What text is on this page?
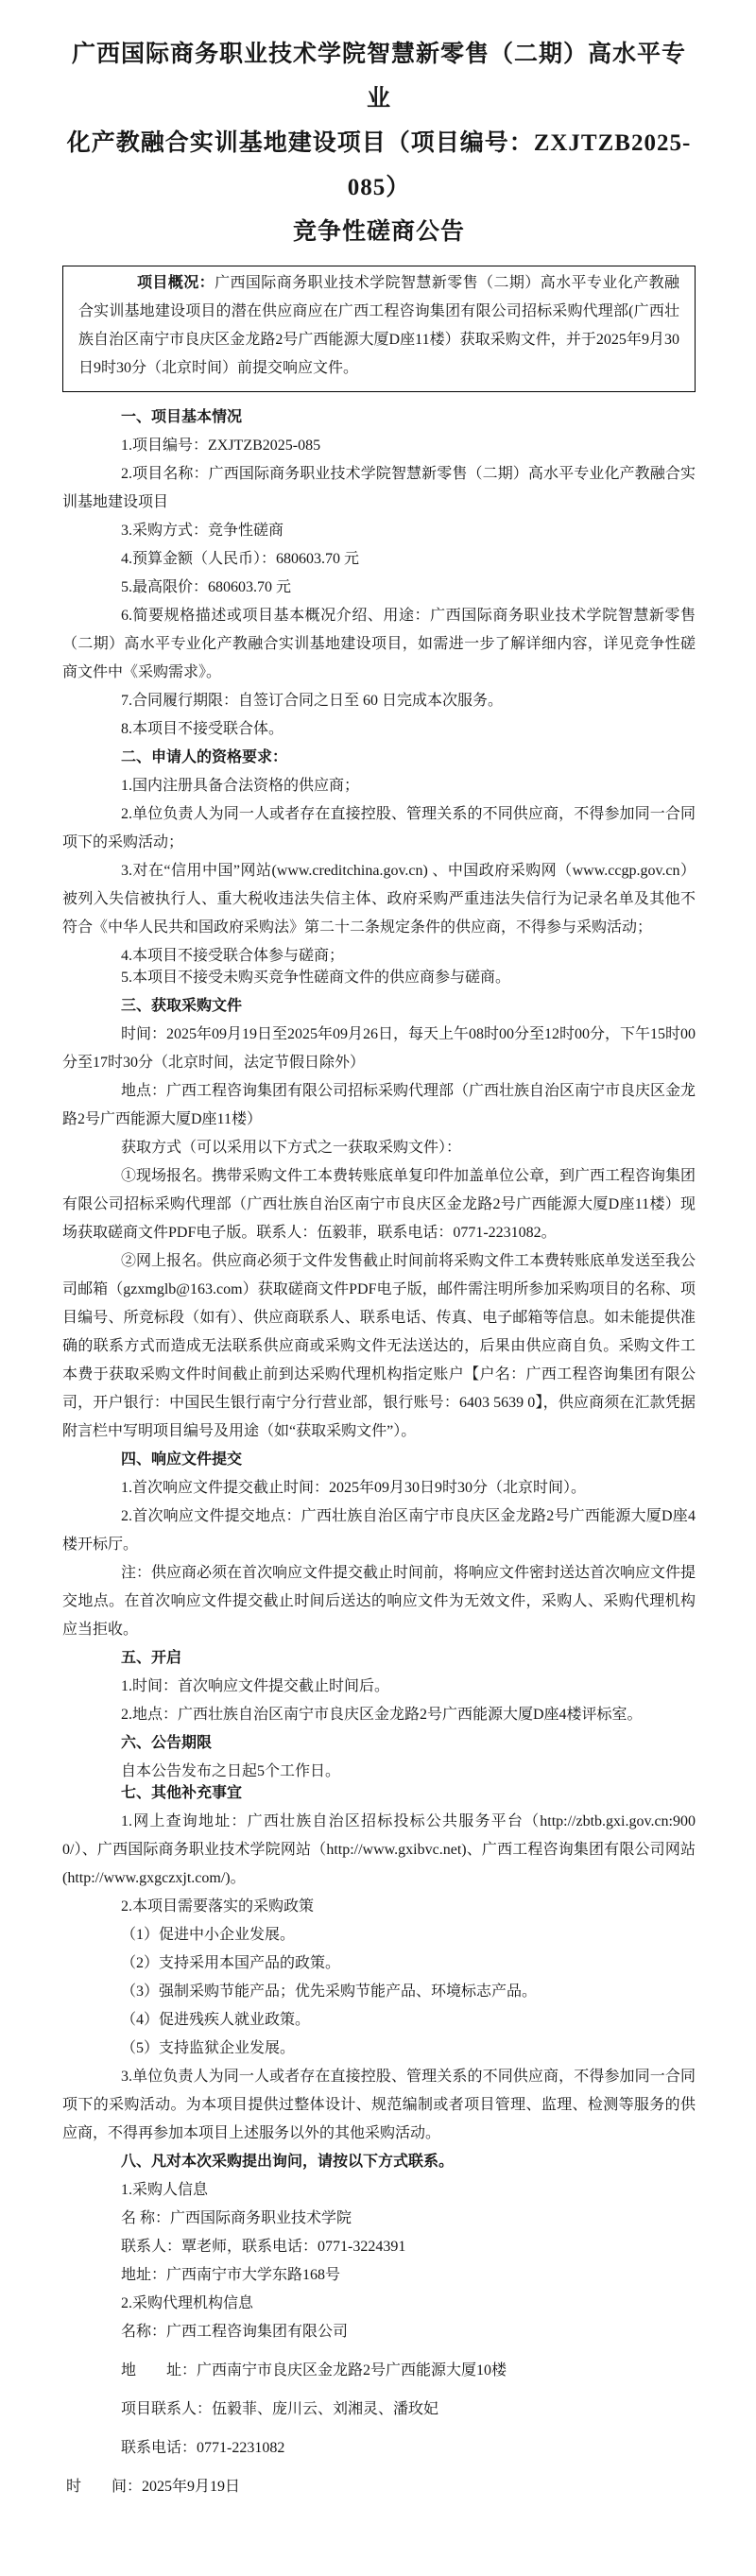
广西国际商务职业技术学院智慧新零售（二期）高水平专业
化产教融合实训基地建设项目（项目编号：ZXJTZB2025-085）
竞争性磋商公告

项目概况：广西国际商务职业技术学院智慧新零售（二期）高水平专业化产教融合实训基地建设项目的潜在供应商应在广西工程咨询集团有限公司招标采购代理部(广西壮族自治区南宁市良庆区金龙路2号广西能源大厦D座11楼）获取采购文件，并于2025年9月30日9时30分（北京时间）前提交响应文件。

一、项目基本情况

1.项目编号：ZXJTZB2025-085

2.项目名称：广西国际商务职业技术学院智慧新零售（二期）高水平专业化产教融合实训基地建设项目

3.采购方式：竞争性磋商

4.预算金额（人民币）：680603.70 元

5.最高限价：680603.70 元

6.简要规格描述或项目基本概况介绍、用途：广西国际商务职业技术学院智慧新零售（二期）高水平专业化产教融合实训基地建设项目，如需进一步了解详细内容，详见竞争性磋商文件中《采购需求》。

7.合同履行期限：自签订合同之日至 60 日完成本次服务。

8.本项目不接受联合体。

二、申请人的资格要求：

1.国内注册具备合法资格的供应商；

2.单位负责人为同一人或者存在直接控股、管理关系的不同供应商，不得参加同一合同项下的采购活动；

3.对在“信用中国”网站(www.creditchina.gov.cn) 、中国政府采购网（www.ccgp.gov.cn）被列入失信被执行人、重大税收违法失信主体、政府采购严重违法失信行为记录名单及其他不符合《中华人民共和国政府采购法》第二十二条规定条件的供应商，不得参与采购活动；

4.本项目不接受联合体参与磋商；

5.本项目不接受未购买竞争性磋商文件的供应商参与磋商。

三、获取采购文件

时间：2025年09月19日至2025年09月26日，每天上午08时00分至12时00分，下午15时00分至17时30分（北京时间，法定节假日除外）

地点：广西工程咨询集团有限公司招标采购代理部（广西壮族自治区南宁市良庆区金龙路2号广西能源大厦D座11楼）

获取方式（可以采用以下方式之一获取采购文件）：

①现场报名。携带采购文件工本费转账底单复印件加盖单位公章，到广西工程咨询集团有限公司招标采购代理部（广西壮族自治区南宁市良庆区金龙路2号广西能源大厦D座11楼）现场获取磋商文件PDF电子版。联系人：伍毅菲，联系电话：0771-2231082。

②网上报名。供应商必须于文件发售截止时间前将采购文件工本费转账底单发送至我公司邮箱（gzxmglb@163.com）获取磋商文件PDF电子版，邮件需注明所参加采购项目的名称、项目编号、所竞标段（如有）、供应商联系人、联系电话、传真、电子邮箱等信息。如未能提供准确的联系方式而造成无法联系供应商或采购文件无法送达的，后果由供应商自负。采购文件工本费于获取采购文件时间截止前到达采购代理机构指定账户【户名：广西工程咨询集团有限公司，开户银行：中国民生银行南宁分行营业部，银行账号：6403 5639 0】，供应商须在汇款凭据附言栏中写明项目编号及用途（如“获取采购文件”）。

四、响应文件提交

1.首次响应文件提交截止时间：2025年09月30日9时30分（北京时间）。

2.首次响应文件提交地点：广西壮族自治区南宁市良庆区金龙路2号广西能源大厦D座4楼开标厅。

注：供应商必须在首次响应文件提交截止时间前，将响应文件密封送达首次响应文件提交地点。在首次响应文件提交截止时间后送达的响应文件为无效文件，采购人、采购代理机构应当拒收。

五、开启

1.时间：首次响应文件提交截止时间后。

2.地点：广西壮族自治区南宁市良庆区金龙路2号广西能源大厦D座4楼评标室。

六、公告期限

自本公告发布之日起5个工作日。

七、其他补充事宜

1.网上查询地址：广西壮族自治区招标投标公共服务平台（http://zbtb.gxi.gov.cn:9000/）、广西国际商务职业技术学院网站（http://www.gxibvc.net)、广西工程咨询集团有限公司网站(http://www.gxgczxjt.com/)。

2.本项目需要落实的采购政策

（1）促进中小企业发展。

（2）支持采用本国产品的政策。

（3）强制采购节能产品；优先采购节能产品、环境标志产品。

（4）促进残疾人就业政策。

（5）支持监狱企业发展。

3.单位负责人为同一人或者存在直接控股、管理关系的不同供应商，不得参加同一合同项下的采购活动。为本项目提供过整体设计、规范编制或者项目管理、监理、检测等服务的供应商，不得再参加本项目上述服务以外的其他采购活动。

八、凡对本次采购提出询问，请按以下方式联系。

1.采购人信息

名 称：广西国际商务职业技术学院

联系人：覃老师，联系电话：0771-3224391

地址：广西南宁市大学东路168号

2.采购代理机构信息

名称：广西工程咨询集团有限公司

地　　址：广西南宁市良庆区金龙路2号广西能源大厦10楼

项目联系人：伍毅菲、庞川云、刘湘灵、潘玫妃

联系电话：0771-2231082

时　　间：2025年9月19日
